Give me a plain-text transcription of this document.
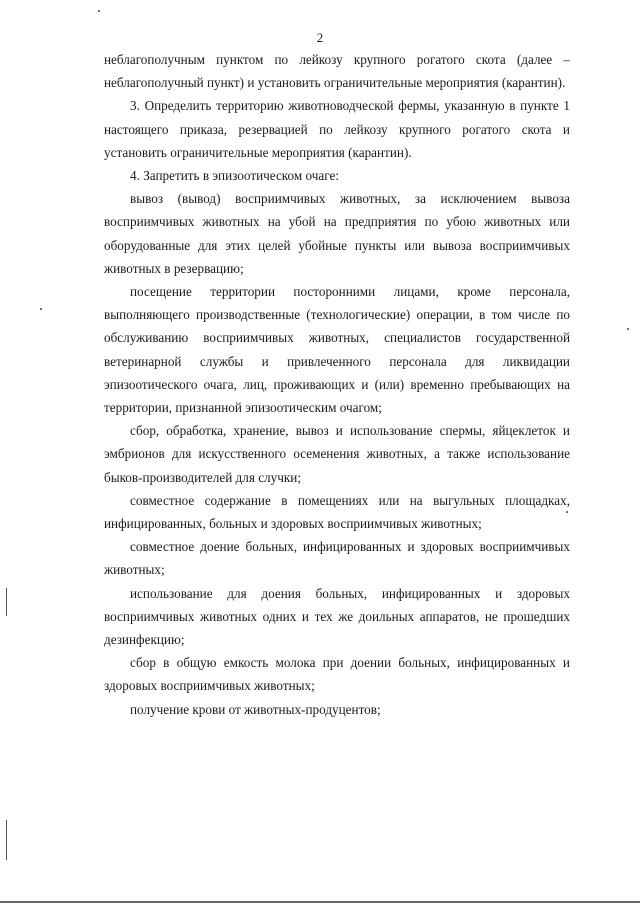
2

неблагополучным пунктом по лейкозу крупного рогатого скота (далее – неблагополучный пункт) и установить ограничительные мероприятия (карантин).

3. Определить территорию животноводческой фермы, указанную в пункте 1 настоящего приказа, резервацией по лейкозу крупного рогатого скота и установить ограничительные мероприятия (карантин).

4. Запретить в эпизоотическом очаге:

вывоз (вывод) восприимчивых животных, за исключением вывоза восприимчивых животных на убой на предприятия по убою животных или оборудованные для этих целей убойные пункты или вывоза восприимчивых животных в резервацию;

посещение территории посторонними лицами, кроме персонала, выполняющего производственные (технологические) операции, в том числе по обслуживанию восприимчивых животных, специалистов государственной ветеринарной службы и привлеченного персонала для ликвидации эпизоотического очага, лиц, проживающих и (или) временно пребывающих на территории, признанной эпизоотическим очагом;

сбор, обработка, хранение, вывоз и использование спермы, яйцеклеток и эмбрионов для искусственного осеменения животных, а также использование быков-производителей для случки;

совместное содержание в помещениях или на выгульных площадках, инфицированных, больных и здоровых восприимчивых животных;

совместное доение больных, инфицированных и здоровых восприимчивых животных;

использование для доения больных, инфицированных и здоровых восприимчивых животных одних и тех же доильных аппаратов, не прошедших дезинфекцию;

сбор в общую емкость молока при доении больных, инфицированных и здоровых восприимчивых животных;

получение крови от животных-продуцентов;
